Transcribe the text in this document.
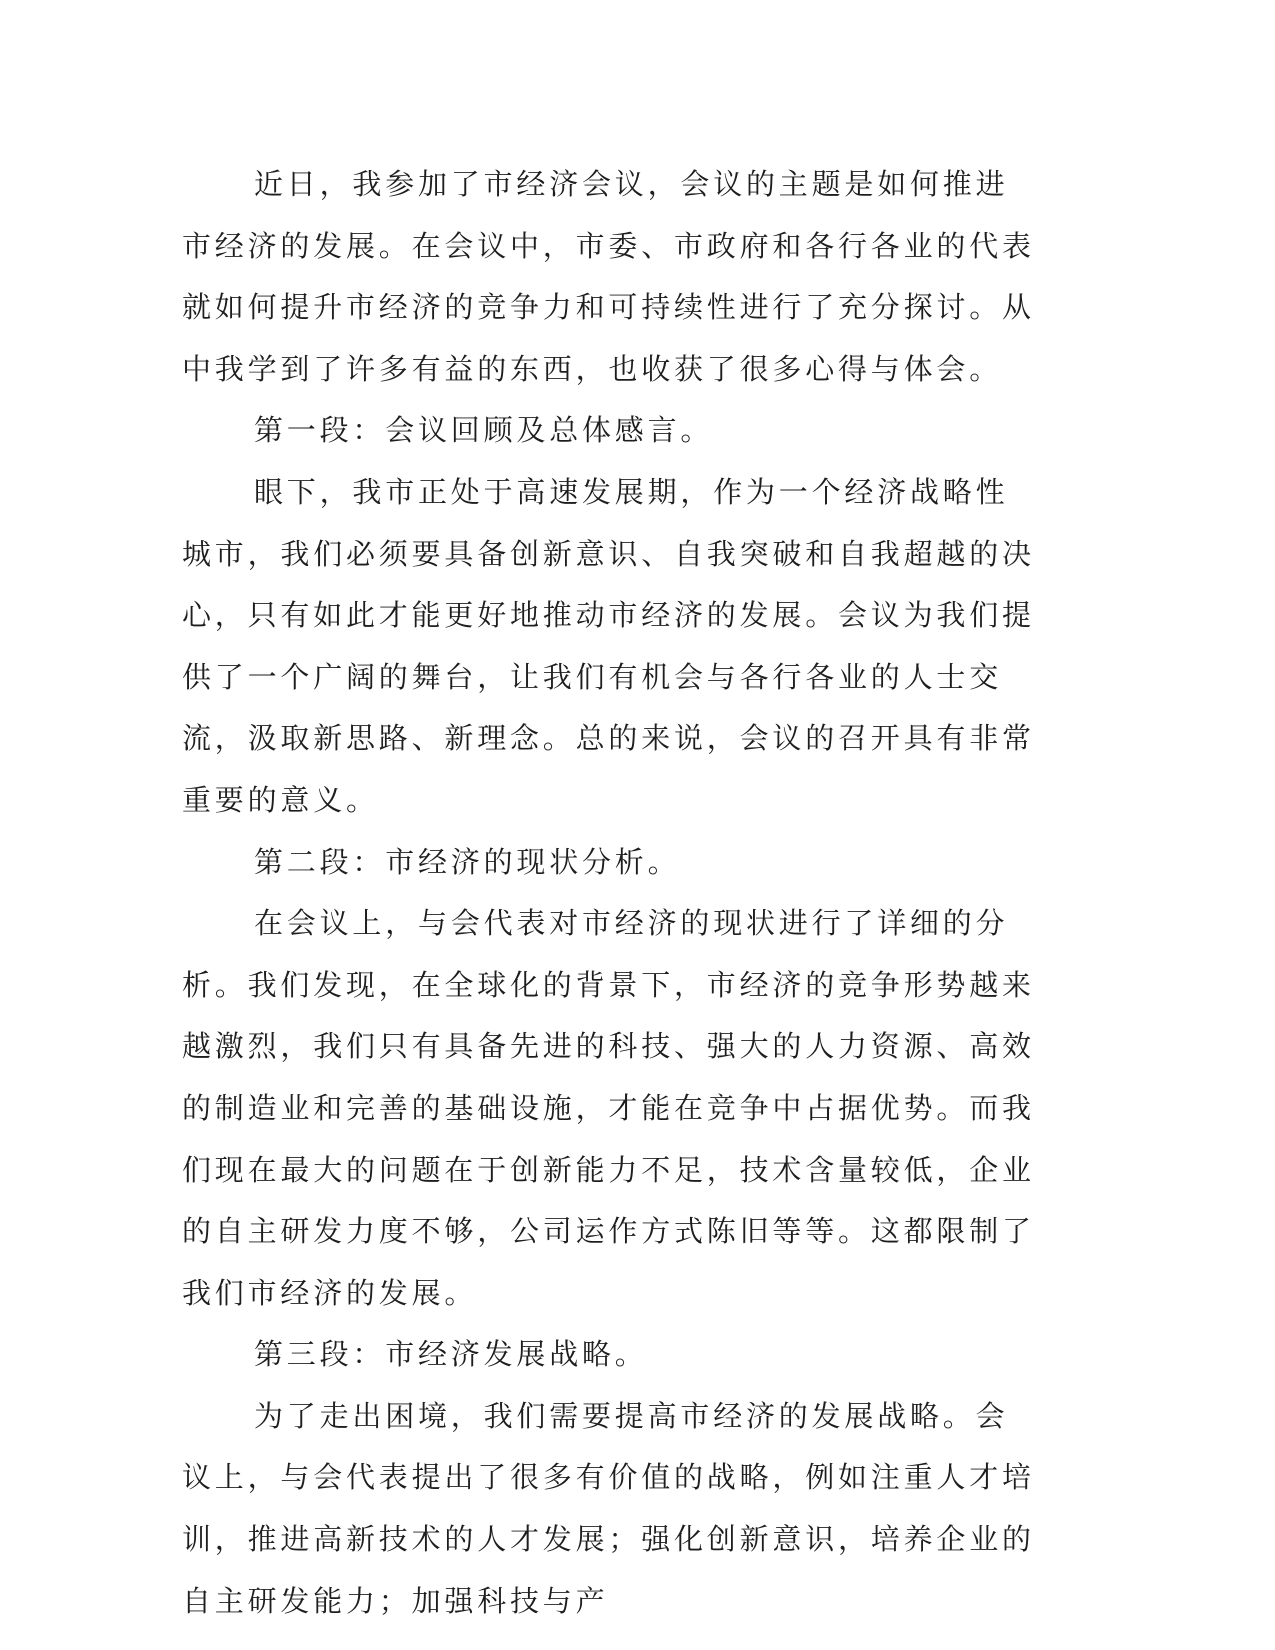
近日，我参加了市经济会议，会议的主题是如何推进市经济的发展。在会议中，市委、市政府和各行各业的代表就如何提升市经济的竞争力和可持续性进行了充分探讨。从中我学到了许多有益的东西，也收获了很多心得与体会。

第一段：会议回顾及总体感言。

眼下，我市正处于高速发展期，作为一个经济战略性城市，我们必须要具备创新意识、自我突破和自我超越的决心，只有如此才能更好地推动市经济的发展。会议为我们提供了一个广阔的舞台，让我们有机会与各行各业的人士交流，汲取新思路、新理念。总的来说，会议的召开具有非常重要的意义。

第二段：市经济的现状分析。

在会议上，与会代表对市经济的现状进行了详细的分析。我们发现，在全球化的背景下，市经济的竞争形势越来越激烈，我们只有具备先进的科技、强大的人力资源、高效的制造业和完善的基础设施，才能在竞争中占据优势。而我们现在最大的问题在于创新能力不足，技术含量较低，企业的自主研发力度不够，公司运作方式陈旧等等。这都限制了我们市经济的发展。

第三段：市经济发展战略。

为了走出困境，我们需要提高市经济的发展战略。会议上，与会代表提出了很多有价值的战略，例如注重人才培训，推进高新技术的人才发展；强化创新意识，培养企业的自主研发能力；加强科技与产
